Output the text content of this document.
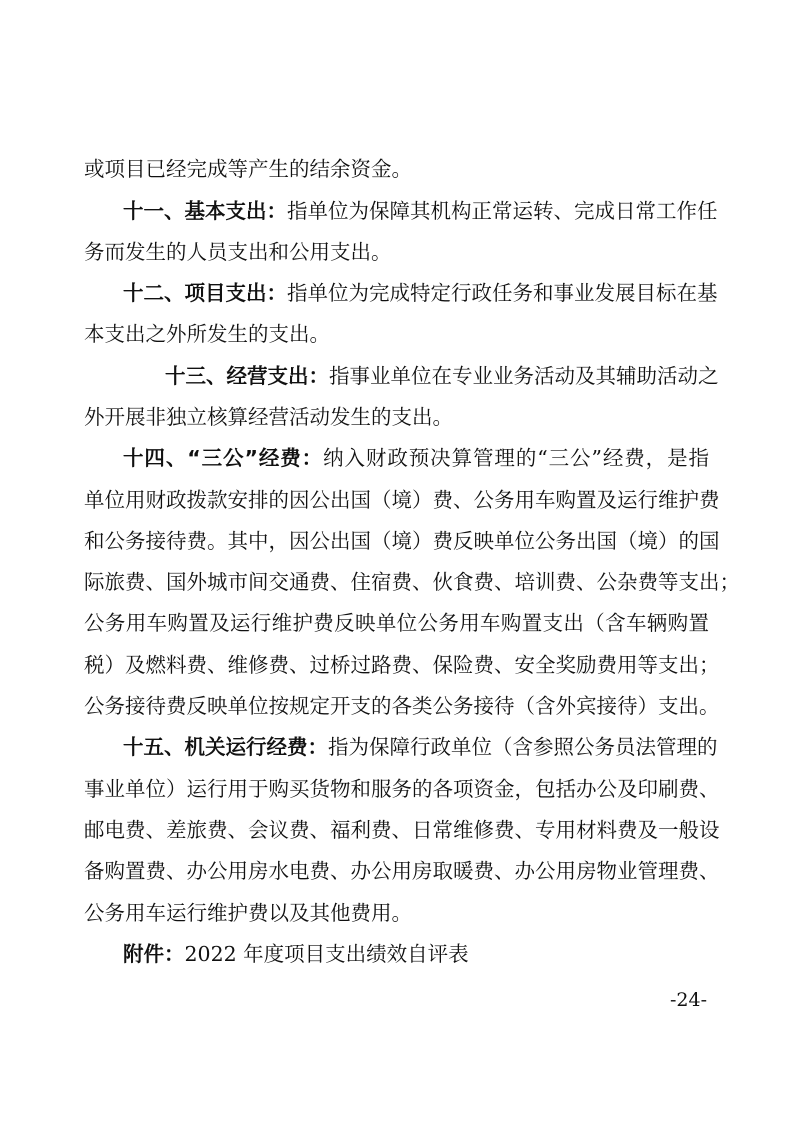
或项目已经完成等产生的结余资金。

十一、基本支出：指单位为保障其机构正常运转、完成日常工作任

务而发生的人员支出和公用支出。

十二、项目支出：指单位为完成特定行政任务和事业发展目标在基

本支出之外所发生的支出。

十三、经营支出：指事业单位在专业业务活动及其辅助活动之

外开展非独立核算经营活动发生的支出。

十四、“三公”经费：纳入财政预决算管理的“三公”经费，是指

单位用财政拨款安排的因公出国（境）费、公务用车购置及运行维护费

和公务接待费。其中，因公出国（境）费反映单位公务出国（境）的国

际旅费、国外城市间交通费、住宿费、伙食费、培训费、公杂费等支出；

公务用车购置及运行维护费反映单位公务用车购置支出（含车辆购置

税）及燃料费、维修费、过桥过路费、保险费、安全奖励费用等支出；

公务接待费反映单位按规定开支的各类公务接待（含外宾接待）支出。

十五、机关运行经费：指为保障行政单位（含参照公务员法管理的

事业单位）运行用于购买货物和服务的各项资金，包括办公及印刷费、

邮电费、差旅费、会议费、福利费、日常维修费、专用材料费及一般设

备购置费、办公用房水电费、办公用房取暖费、办公用房物业管理费、

公务用车运行维护费以及其他费用。

附件：2022 年度项目支出绩效自评表

-24-
